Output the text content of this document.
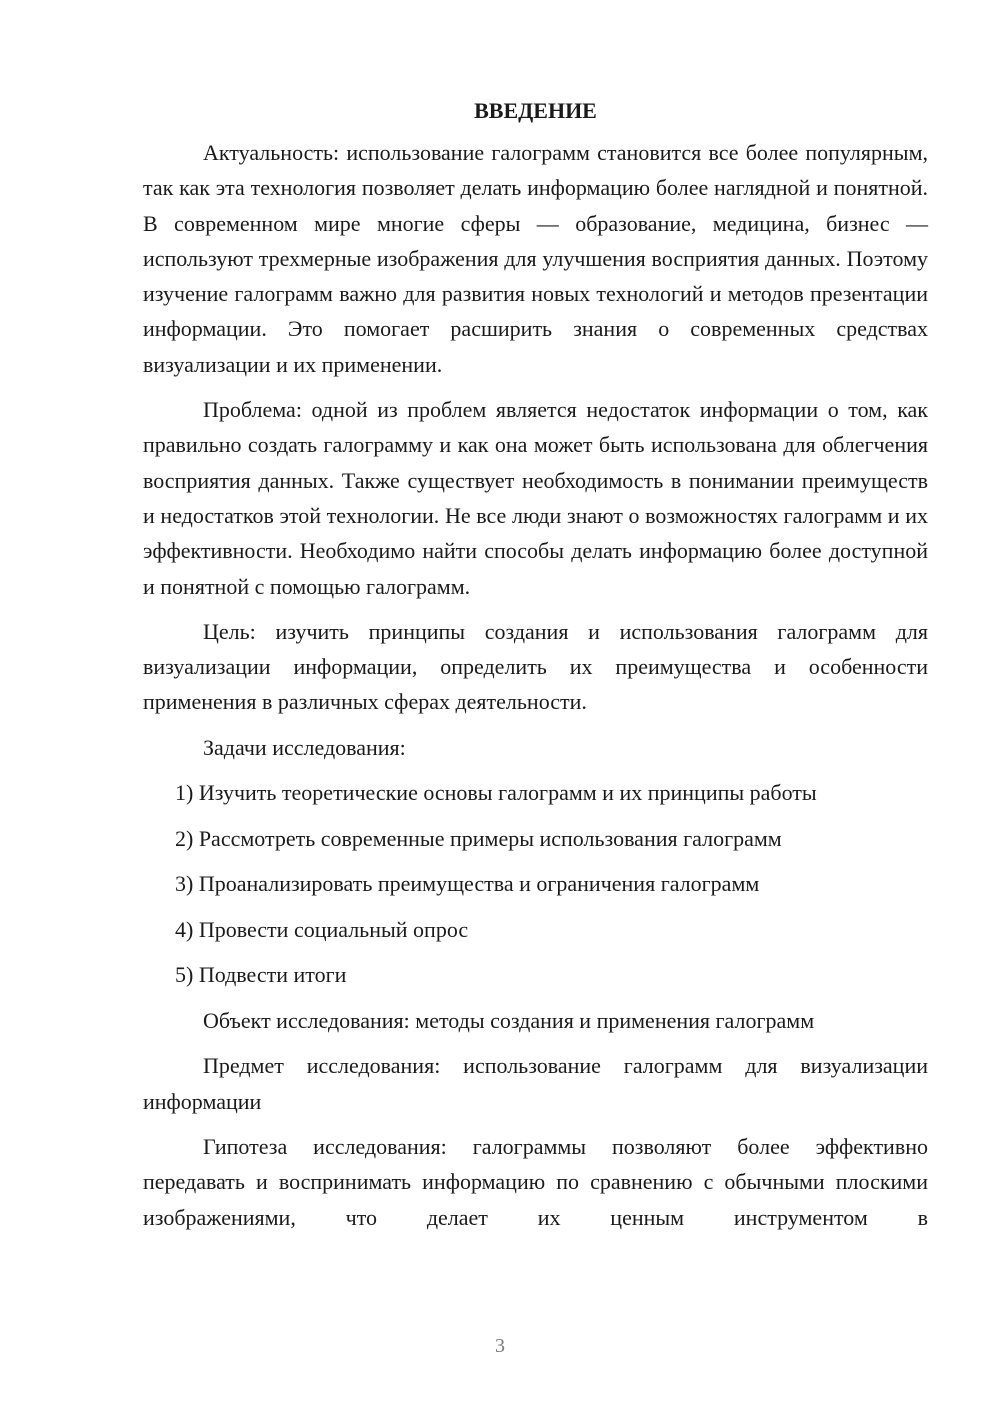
ВВЕДЕНИЕ

Актуальность: использование галограмм становится все более популярным, так как эта технология позволяет делать информацию более наглядной и понятной. В современном мире многие сферы — образование, медицина, бизнес — используют трехмерные изображения для улучшения восприятия данных. Поэтому изучение галограмм важно для развития новых технологий и методов презентации информации. Это помогает расширить знания о современных средствах визуализации и их применении.

Проблема: одной из проблем является недостаток информации о том, как правильно создать галограмму и как она может быть использована для облегчения восприятия данных. Также существует необходимость в понимании преимуществ и недостатков этой технологии. Не все люди знают о возможностях галограмм и их эффективности. Необходимо найти способы делать информацию более доступной и понятной с помощью галограмм.

Цель: изучить принципы создания и использования галограмм для визуализации информации, определить их преимущества и особенности применения в различных сферах деятельности.

Задачи исследования:

1) Изучить теоретические основы галограмм и их принципы работы
2) Рассмотреть современные примеры использования галограмм
3) Проанализировать преимущества и ограничения галограмм
4) Провести социальный опрос
5) Подвести итоги

Объект исследования: методы создания и применения галограмм

Предмет исследования: использование галограмм для визуализации информации

Гипотеза исследования: галограммы позволяют более эффективно передавать и воспринимать информацию по сравнению с обычными плоскими изображениями, что делает их ценным инструментом в

3
